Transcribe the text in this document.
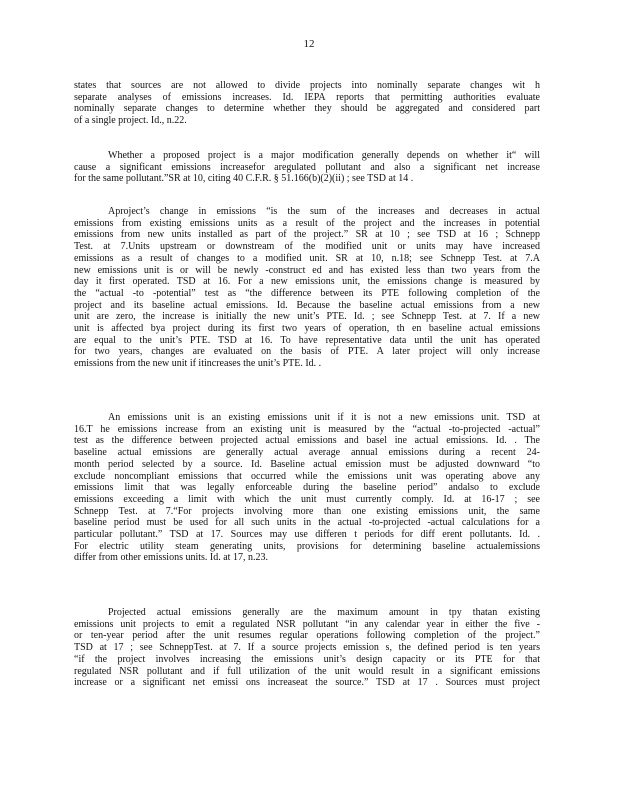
12
states that sources are not allowed to divide projects into nominally separate changes wit h
separate analyses of emissions increases. Id. IEPA reports that permitting authorities evaluate
nominally separate changes to determine whether they should be aggregated and considered part
of a single project. Id., n.22.
Whether a proposed project is a major modification generally depends on whether it“ will
cause a significant emissions increasefor aregulated pollutant and also a significant net increase
for the same pollutant.”SR at 10, citing 40 C.F.R. § 51.166(b)(2)(ii) ; see TSD at 14 .
Aproject’s change in emissions “is the sum of the increases and decreases in actual
emissions from existing emissions units as a result of the project and the increases in potential
emissions from new units installed as part of the project.” SR at 10 ; see TSD at 16 ; Schnepp
Test. at 7.Units upstream or downstream of the modified unit or units may have increased
emissions as a result of changes to a modified unit. SR at 10, n.18; see Schnepp Test. at 7.A
new emissions unit is or will be newly -construct ed and has existed less than two years from the
day it first operated. TSD at 16. For a new emissions unit, the emissions change is measured by
the “actual -to -potential” test as “the difference between its PTE following completion of the
project and its baseline actual emissions. Id. Because the baseline actual emissions from a new
unit are zero, the increase is initially the new unit’s PTE. Id. ; see Schnepp Test. at 7. If a new
unit is affected bya project during its first two years of operation, th en baseline actual emissions
are equal to the unit’s PTE. TSD at 16. To have representative data until the unit has operated
for two years, changes are evaluated on the basis of PTE. A later project will only increase
emissions from the new unit if itincreases the unit’s PTE. Id. .
An emissions unit is an existing emissions unit if it is not a new emissions unit. TSD at
16.T he emissions increase from an existing unit is measured by the “actual -to-projected -actual”
test as the difference between projected actual emissions and basel ine actual emissions. Id. . The
baseline actual emissions are generally actual average annual emissions during a recent 24-
month period selected by a source. Id. Baseline actual emission must be adjusted downward “to
exclude noncompliant emissions that occurred while the emissions unit was operating above any
emissions limit that was legally enforceable during the baseline period” andalso to exclude
emissions exceeding a limit with which the unit must currently comply. Id. at 16-17 ; see
Schnepp Test. at 7.“For projects involving more than one existing emissions unit, the same
baseline period must be used for all such units in the actual -to-projected -actual calculations for a
particular pollutant.” TSD at 17. Sources may use differen t periods for diff erent pollutants. Id. .
For electric utility steam generating units, provisions for determining baseline actualemissions
differ from other emissions units. Id. at 17, n.23.
Projected actual emissions generally are the maximum amount in tpy thatan existing
emissions unit projects to emit a regulated NSR pollutant “in any calendar year in either the five -
or ten-year period after the unit resumes regular operations following completion of the project.”
TSD at 17 ; see SchneppTest. at 7. If a source projects emission s, the defined period is ten years
“if the project involves increasing the emissions unit’s design capacity or its PTE for that
regulated NSR pollutant and if full utilization of the unit would result in a significant emissions
increase or a significant net emissi ons increaseat the source.” TSD at 17 . Sources must project
